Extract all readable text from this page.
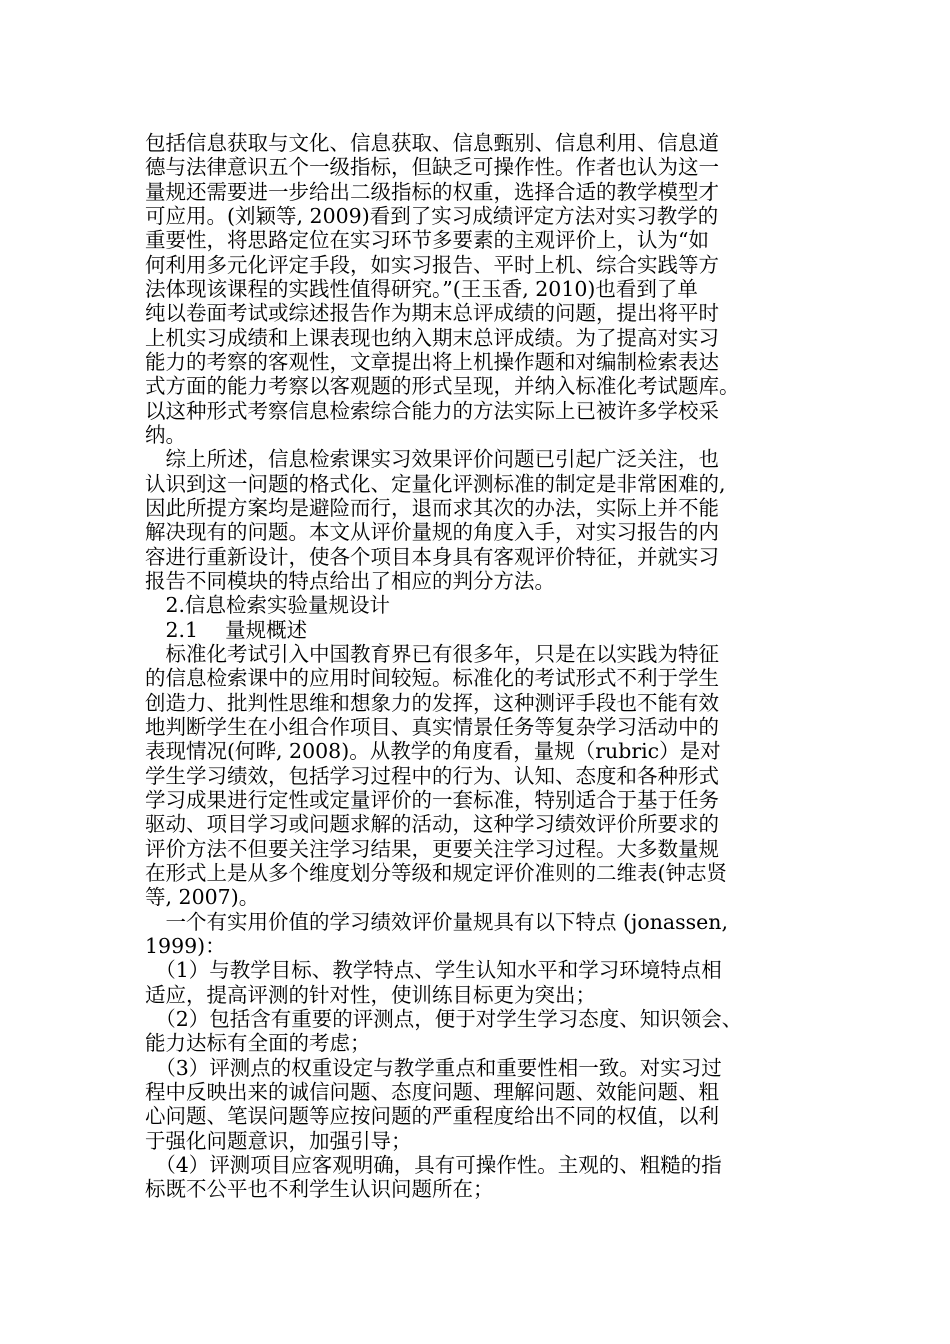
包括信息获取与文化、信息获取、信息甄别、信息利用、信息道
德与法律意识五个一级指标，但缺乏可操作性。作者也认为这一
量规还需要进一步给出二级指标的权重，选择合适的教学模型才
可应用。(刘颖等, 2009)看到了实习成绩评定方法对实习教学的
重要性，将思路定位在实习环节多要素的主观评价上，认为“如
何利用多元化评定手段，如实习报告、平时上机、综合实践等方
法体现该课程的实践性值得研究。”(王玉香, 2010)也看到了单
纯以卷面考试或综述报告作为期末总评成绩的问题，提出将平时
上机实习成绩和上课表现也纳入期末总评成绩。为了提高对实习
能力的考察的客观性，文章提出将上机操作题和对编制检索表达
式方面的能力考察以客观题的形式呈现，并纳入标准化考试题库。
以这种形式考察信息检索综合能力的方法实际上已被许多学校采
纳。
　综上所述，信息检索课实习效果评价问题已引起广泛关注，也
认识到这一问题的格式化、定量化评测标准的制定是非常困难的,
因此所提方案均是避险而行，退而求其次的办法，实际上并不能
解决现有的问题。本文从评价量规的角度入手，对实习报告的内
容进行重新设计，使各个项目本身具有客观评价特征，并就实习
报告不同模块的特点给出了相应的判分方法。
　2.信息检索实验量规设计
　2.1　 量规概述
　标准化考试引入中国教育界已有很多年，只是在以实践为特征
的信息检索课中的应用时间较短。标准化的考试形式不利于学生
创造力、批判性思维和想象力的发挥，这种测评手段也不能有效
地判断学生在小组合作项目、真实情景任务等复杂学习活动中的
表现情况(何晔, 2008)。从教学的角度看，量规（rubric）是对
学生学习绩效，包括学习过程中的行为、认知、态度和各种形式
学习成果进行定性或定量评价的一套标准，特别适合于基于任务
驱动、项目学习或问题求解的活动，这种学习绩效评价所要求的
评价方法不但要关注学习结果，更要关注学习过程。大多数量规
在形式上是从多个维度划分等级和规定评价准则的二维表(钟志贤
等, 2007)。
　一个有实用价值的学习绩效评价量规具有以下特点 (jonassen,
1999)：
　（1）与教学目标、教学特点、学生认知水平和学习环境特点相
适应，提高评测的针对性，使训练目标更为突出；
　（2）包括含有重要的评测点，便于对学生学习态度、知识领会、
能力达标有全面的考虑；
　（3）评测点的权重设定与教学重点和重要性相一致。对实习过
程中反映出来的诚信问题、态度问题、理解问题、效能问题、粗
心问题、笔误问题等应按问题的严重程度给出不同的权值，以利
于强化问题意识，加强引导；
　（4）评测项目应客观明确，具有可操作性。主观的、粗糙的指
标既不公平也不利学生认识问题所在；
